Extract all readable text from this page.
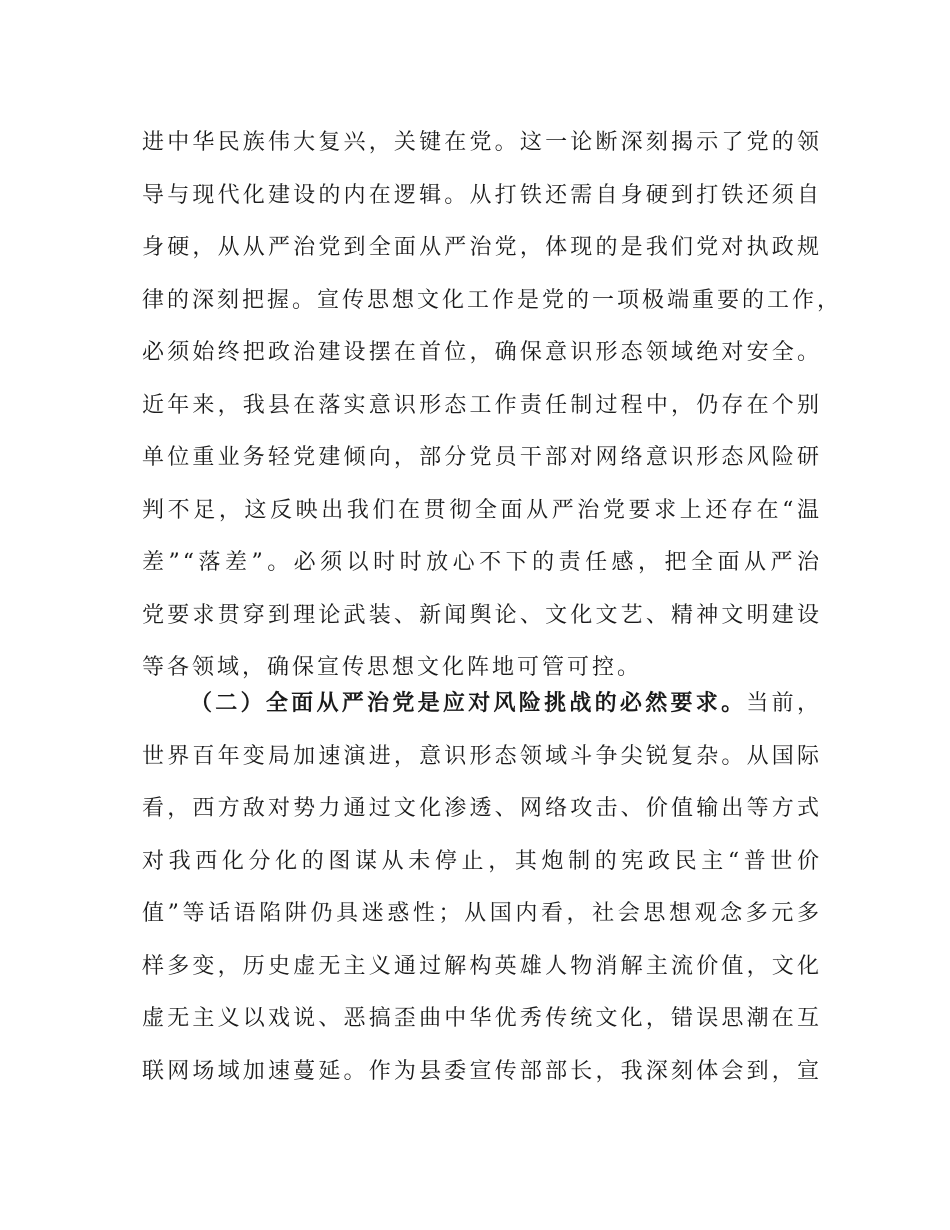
进中华民族伟大复兴，关键在党。这一论断深刻揭示了党的领
导与现代化建设的内在逻辑。从打铁还需自身硬到打铁还须自
身硬，从从严治党到全面从严治党，体现的是我们党对执政规
律的深刻把握。宣传思想文化工作是党的一项极端重要的工作，
必须始终把政治建设摆在首位，确保意识形态领域绝对安全。
近年来，我县在落实意识形态工作责任制过程中，仍存在个别
单位重业务轻党建倾向，部分党员干部对网络意识形态风险研
判不足，这反映出我们在贯彻全面从严治党要求上还存在“温
差”“落差”。必须以时时放心不下的责任感，把全面从严治
党要求贯穿到理论武装、新闻舆论、文化文艺、精神文明建设
等各领域，确保宣传思想文化阵地可管可控。
（二）全面从严治党是应对风险挑战的必然要求。当前，
世界百年变局加速演进，意识形态领域斗争尖锐复杂。从国际
看，西方敌对势力通过文化渗透、网络攻击、价值输出等方式
对我西化分化的图谋从未停止，其炮制的宪政民主“普世价
值”等话语陷阱仍具迷惑性；从国内看，社会思想观念多元多
样多变，历史虚无主义通过解构英雄人物消解主流价值，文化
虚无主义以戏说、恶搞歪曲中华优秀传统文化，错误思潮在互
联网场域加速蔓延。作为县委宣传部部长，我深刻体会到，宣
